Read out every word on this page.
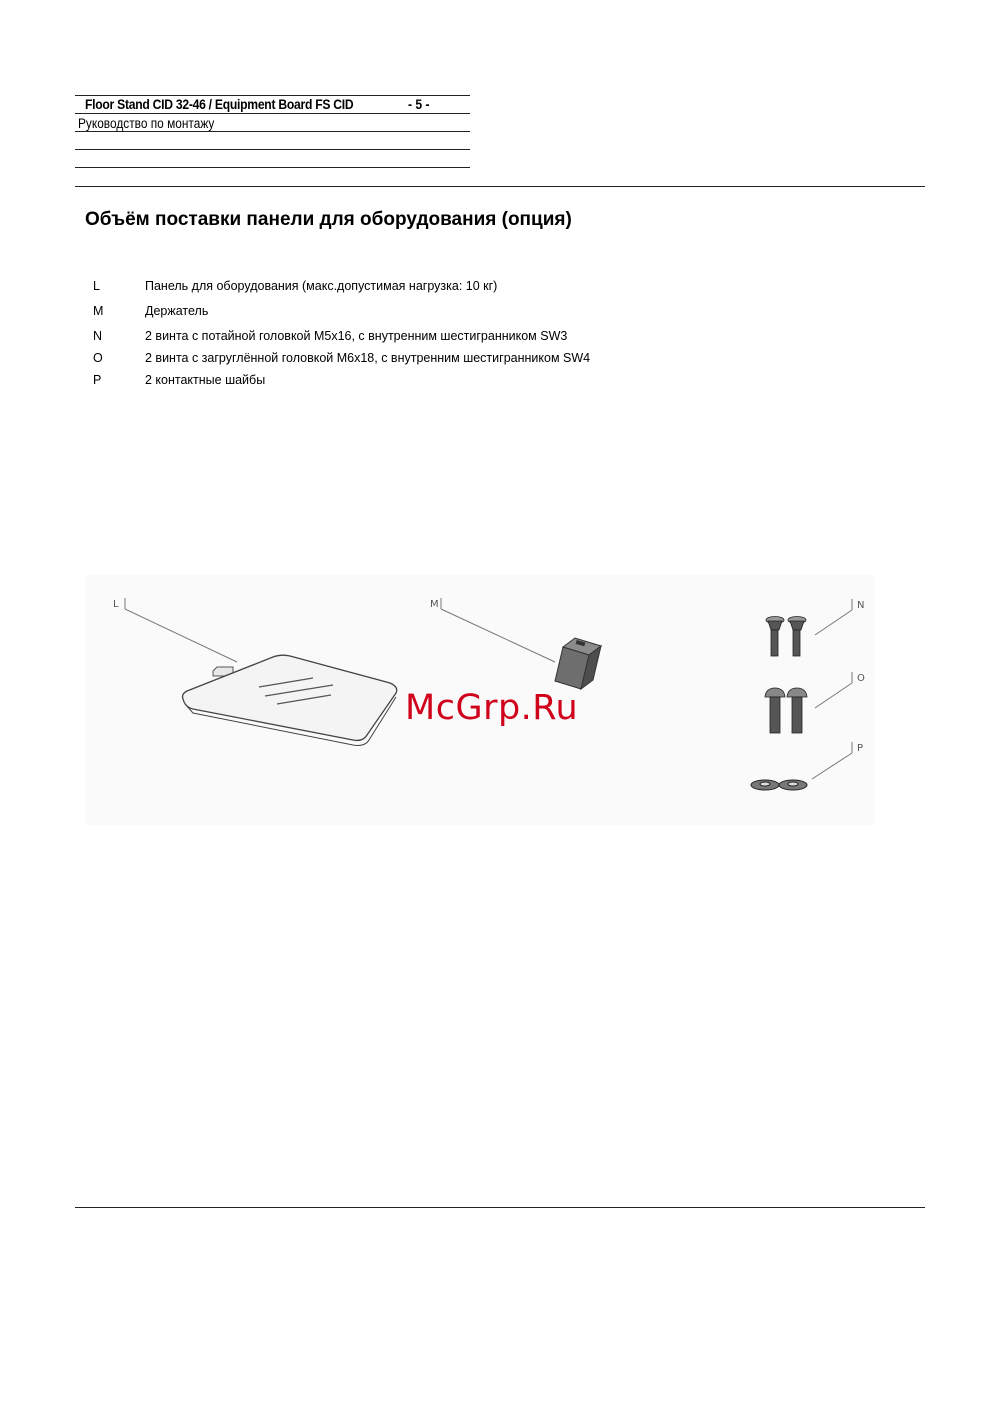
Floor Stand CID 32-46 / Equipment Board FS CID	- 5 -
Руководство по монтажу
Объём поставки панели для оборудования (опция)
L	Панель для оборудования (макс.допустимая нагрузка: 10 кг)
M	Держатель
N	2 винта с потайной головкой M5x16, с внутренним шестигранником SW3
O	2 винта с загруглённой головкой M6x18, с внутренним шестигранником SW4
P	2 контактные шайбы
L	M	N
O
P
McGrp.Ru
